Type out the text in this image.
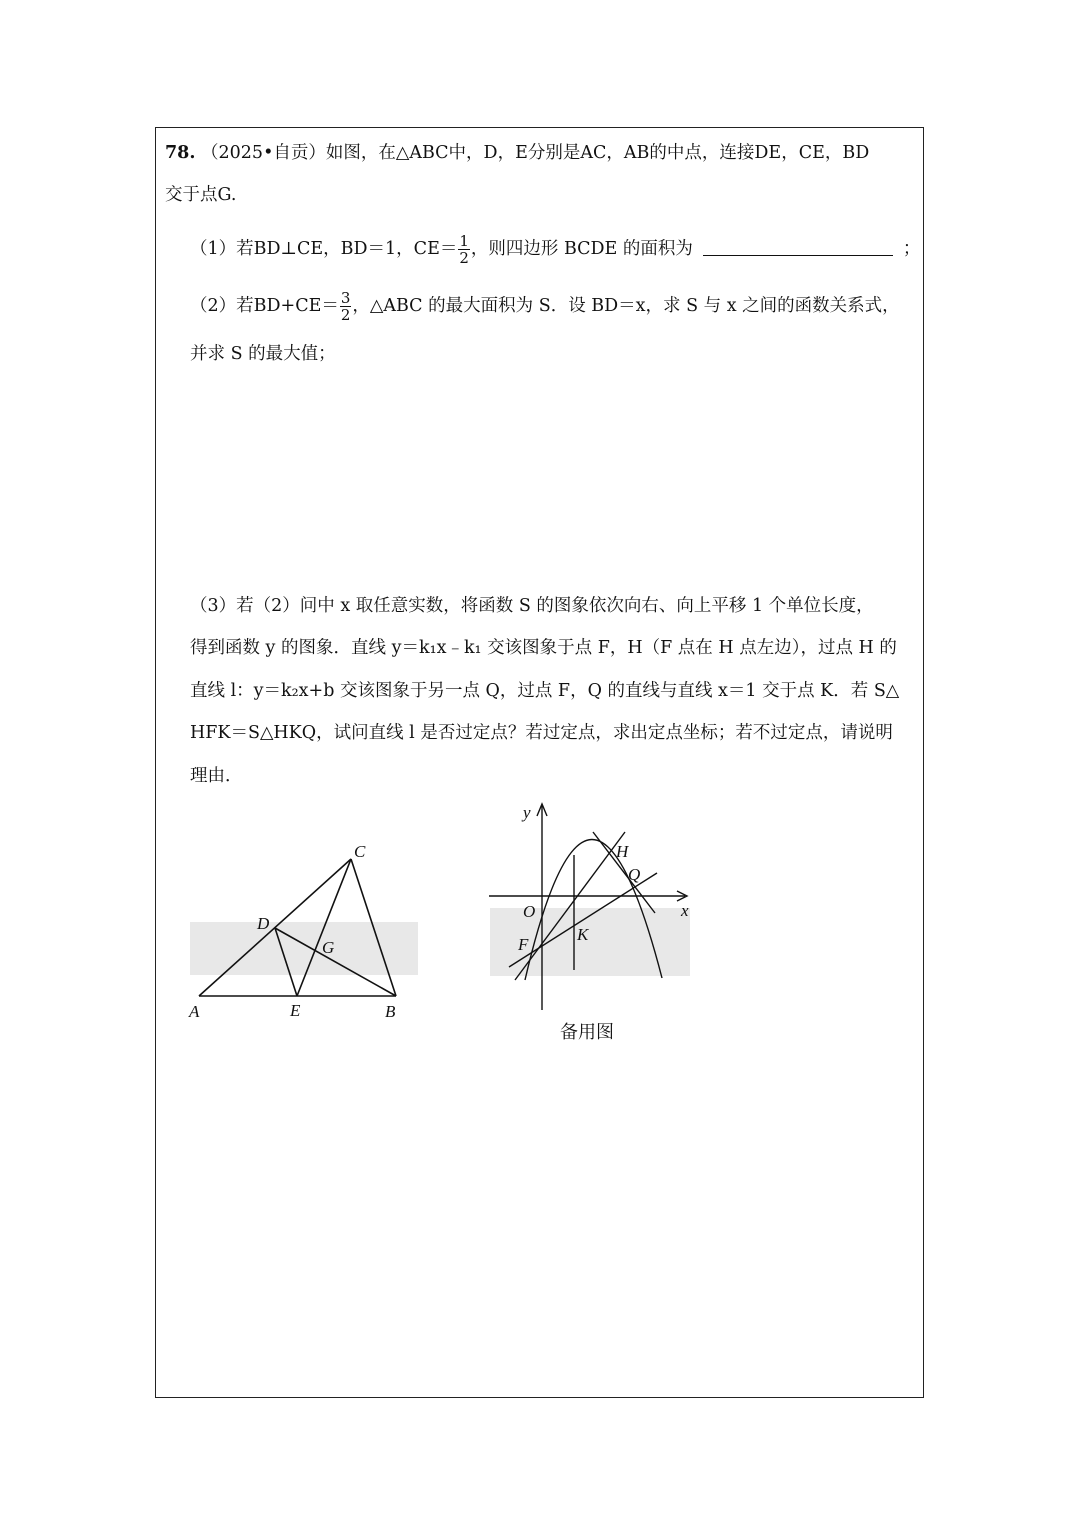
78. （2025•自贡）如图，在△ABC中，D，E分别是AC，AB的中点，连接DE，CE，BD
交于点G.
（1）若BD⊥CE，BD＝1，$CE= \frac{1}{2}$ ，则四边形 BCDE 的面积为	；
（2）若$BD+CE= \frac{3}{2}$ ，△ABC 的最大面积为 S．设 BD＝x，求 S 与 x 之间的函数关系式，
并求 S 的最大值；
（3）若（2）问中 x 取任意实数，将函数 S 的图象依次向右、向上平移 1 个单位长度，
得到函数 y 的图象．直线 y＝k₁x﹣k₁ 交该图象于点 F，H（F 点在 H 点左边），过点 H 的
直线 l：y＝k₂x+b 交该图象于另一点 Q，过点 F，Q 的直线与直线 x＝1 交于点 K．若 S△
HFK＝S△HKQ，试问直线 l 是否过定点？若过定点，求出定点坐标；若不过定点，请说明
理由．
A	B
C
D
E
G
y
x
O
F
K
H
Q
备用图
